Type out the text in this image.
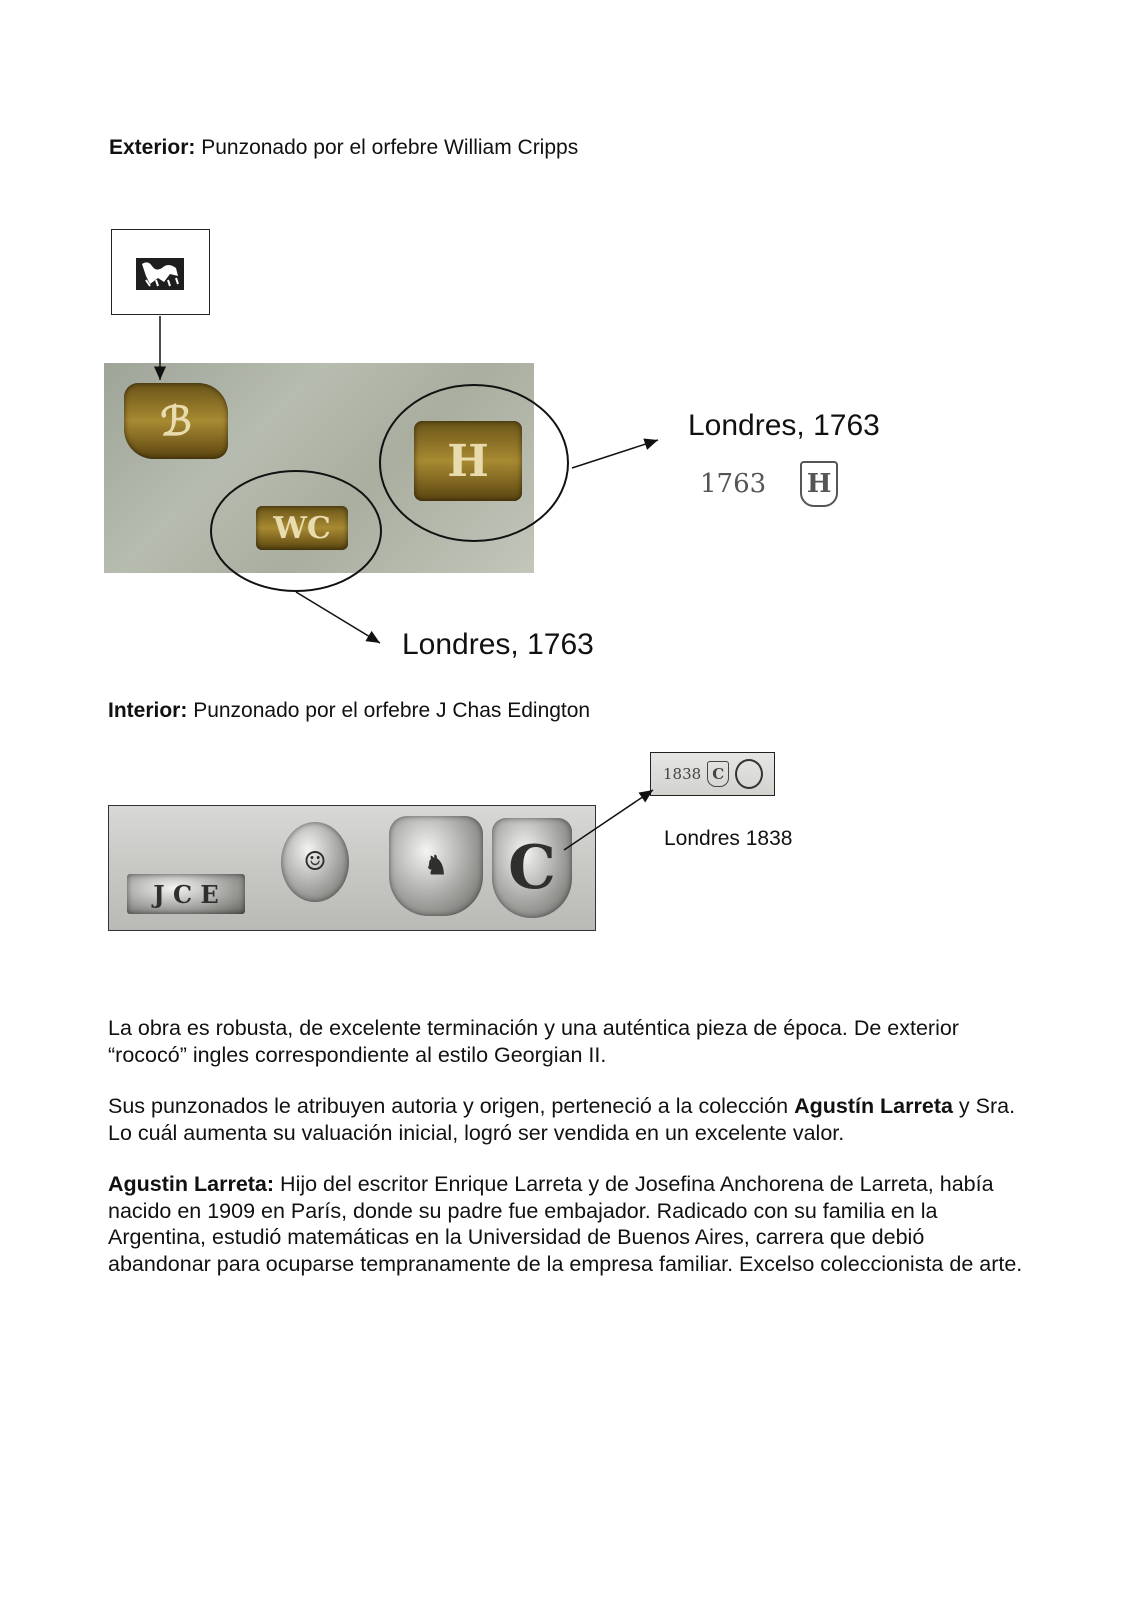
Exterior: Punzonado por el orfebre William Cripps
ℬ
H
WC
Londres, 1763
1763 H
Londres, 1763
Interior: Punzonado por el orfebre J Chas Edington
1838 C
Londres 1838
J C E
☺	♞	C
La obra es robusta, de excelente terminación y una auténtica pieza de época. De exterior “rococó” ingles correspondiente al estilo Georgian II.
Sus punzonados le atribuyen autoria y origen, perteneció a la colección Agustín Larreta y Sra. Lo cuál aumenta su valuación inicial, logró ser vendida en un excelente valor.
Agustin Larreta: Hijo del escritor Enrique Larreta y de Josefina Anchorena de Larreta, había nacido en 1909 en París, donde su padre fue embajador. Radicado con su familia en la Argentina, estudió matemáticas en la Universidad de Buenos Aires, carrera que debió abandonar para ocuparse tempranamente de la empresa familiar. Excelso coleccionista de arte.
